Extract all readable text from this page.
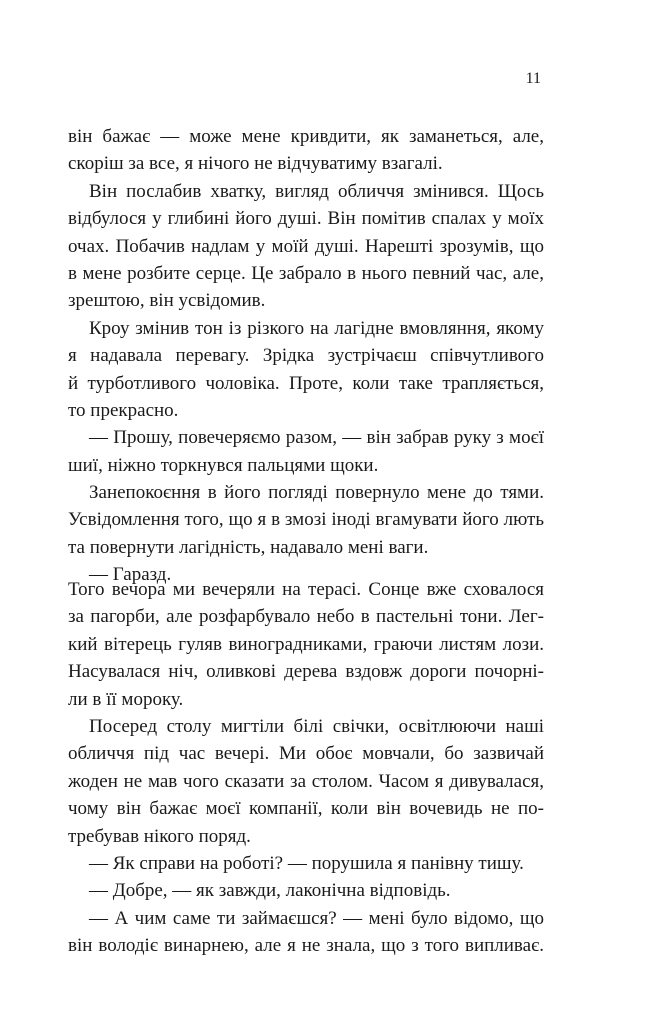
11
він бажає — може мене кривдити, як заманеться, але,
скоріш за все, я нічого не відчуватиму взагалі.
Він послабив хватку, вигляд обличчя змінився. Щось
відбулося у глибині його душі. Він помітив спалах у моїх
очах. Побачив надлам у моїй душі. Нарешті зрозумів, що
в мене розбите серце. Це забрало в нього певний час, але,
зрештою, він усвідомив.
Кроу змінив тон із різкого на лагідне вмовляння, якому
я надавала перевагу. Зрідка зустрічаєш співчутливого
й турботливого чоловіка. Проте, коли таке трапляється,
то прекрасно.
— Прошу, повечеряємо разом, — він забрав руку з моєї
шиї, ніжно торкнувся пальцями щоки.
Занепокоєння в його погляді повернуло мене до тями.
Усвідомлення того, що я в змозі іноді вгамувати його лють
та повернути лагідність, надавало мені ваги.
— Гаразд.
Того вечора ми вечеряли на терасі. Сонце вже сховалося
за пагорби, але розфарбувало небо в пастельні тони. Лег-
кий вітерець гуляв виноградниками, граючи листям лози.
Насувалася ніч, оливкові дерева вздовж дороги почорні-
ли в її мороку.
Посеред столу мигтіли білі свічки, освітлюючи наші
обличчя під час вечері. Ми обоє мовчали, бо зазвичай
жоден не мав чого сказати за столом. Часом я дивувалася,
чому він бажає моєї компанії, коли він вочевидь не по-
требував нікого поряд.
— Як справи на роботі? — порушила я панівну тишу.
— Добре, — як завжди, лаконічна відповідь.
— А чим саме ти займаєшся? — мені було відомо, що
він володіє винарнею, але я не знала, що з того випливає.
